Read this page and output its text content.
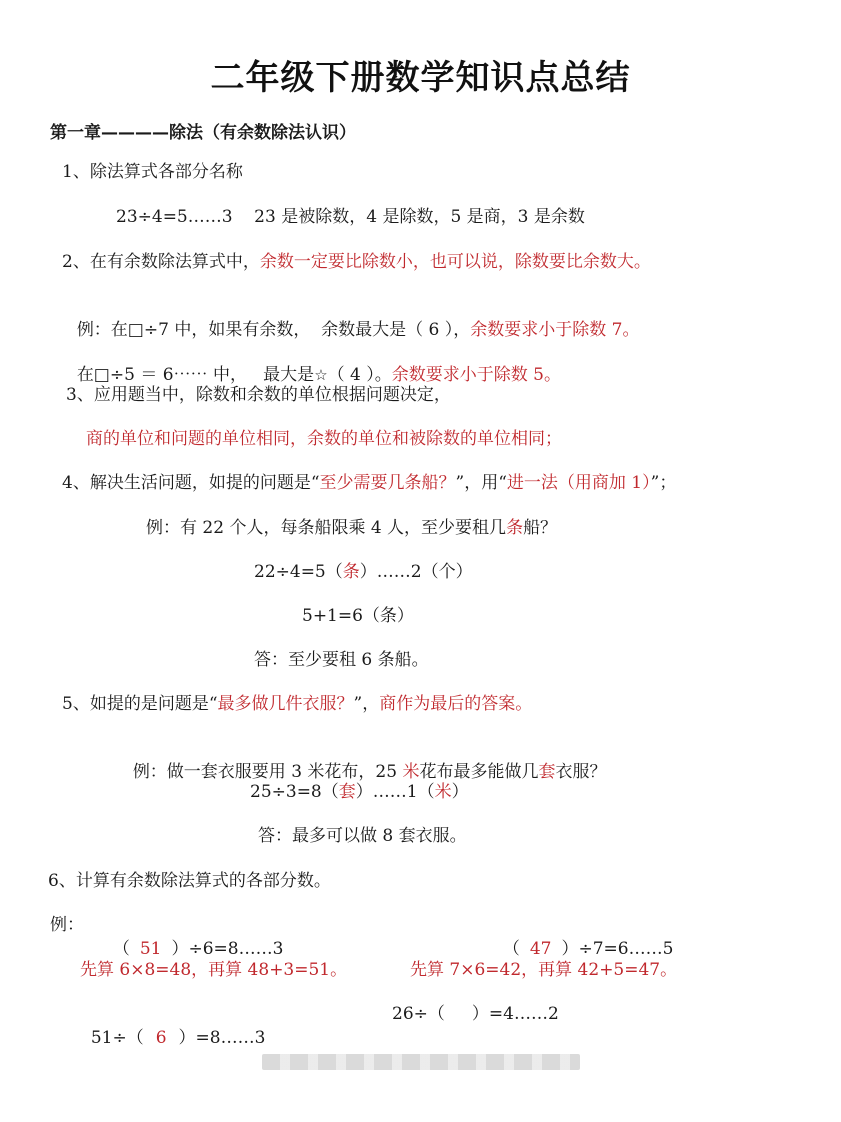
二年级下册数学知识点总结
第一章————除法（有余数除法认识）
1、除法算式各部分名称
23÷4=5……3    23 是被除数，4 是除数，5 是商，3 是余数
2、在有余数除法算式中，余数一定要比除数小，也可以说，除数要比余数大。

例：在□÷7 中，如果有余数，  余数最大是（ 6 ），余数要求小于除数 7。

在□÷5 ＝ 6⋯⋯ 中，   最大是☆（ 4 ）。余数要求小于除数 5。

3、应用题当中，除数和余数的单位根据问题决定，
商的单位和问题的单位相同，余数的单位和被除数的单位相同；
4、解决生活问题，如提的问题是“至少需要几条船？”，用“进一法（用商加 1）”；
例：有 22 个人，每条船限乘 4 人，至少要租几条船？
22÷4=5（条）……2（个）
5+1=6（条）
答：至少要租 6 条船。
5、如提的是问题是“最多做几件衣服？”，商作为最后的答案。

例：做一套衣服要用 3 米花布，25 米花布最多能做几套衣服？

25÷3=8（套）……1（米）
答：最多可以做 8 套衣服。
6、计算有余数除法算式的各部分数。
例：

（ 51 ）÷6=8……3	（ 47 ）÷7=6……5

先算 6×8=48，再算 48+3=51。	先算 7×6=42，再算 42+5=47。

51÷（ 6 ）=8……3

26÷（     ）=4……2
